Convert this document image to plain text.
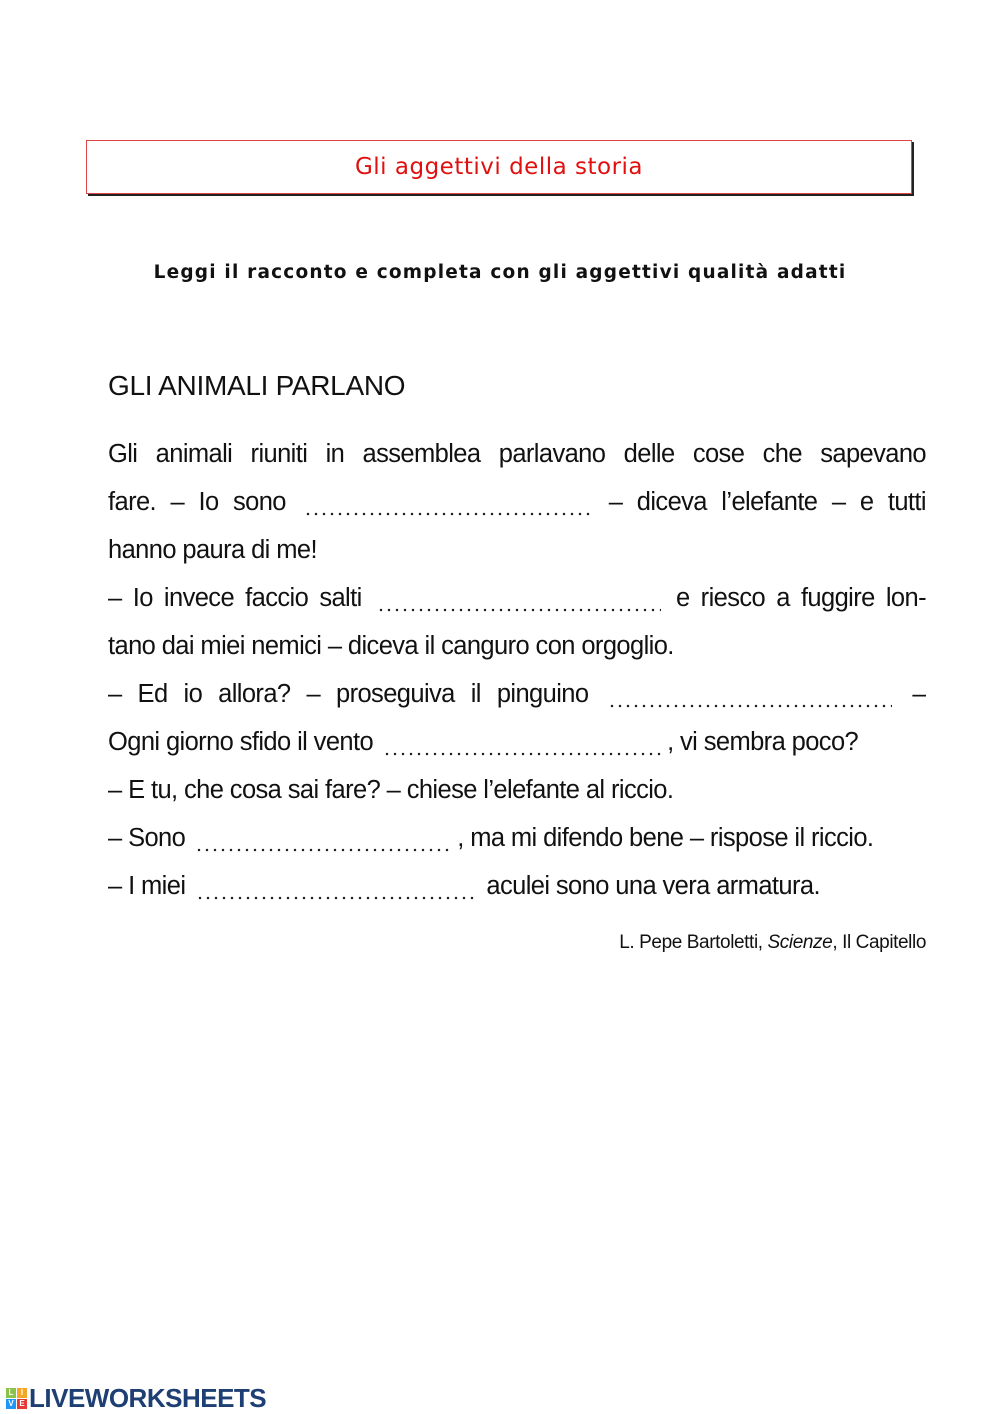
Gli aggettivi della storia
Leggi il racconto e completa con gli aggettivi qualità adatti
GLI ANIMALI PARLANO
Gli animali riuniti in assemblea parlavano delle cose che sapevano
fare. – Io sono	– diceva l’elefante – e tutti
hanno paura di me!
– Io invece faccio salti	e riesco a fuggire lon-
tano dai miei nemici – diceva il canguro con orgoglio.
– Ed io allora? – proseguiva il pinguino	–
Ogni giorno sfido il vento	, vi sembra poco?
– E tu, che cosa sai fare? – chiese l’elefante al riccio.
– Sono	, ma mi difendo bene – rispose il riccio.
– I miei	aculei sono una vera armatura.
L. Pepe Bartoletti, Scienze, Il Capitello
L I
V E LIVEWORKSHEETS
